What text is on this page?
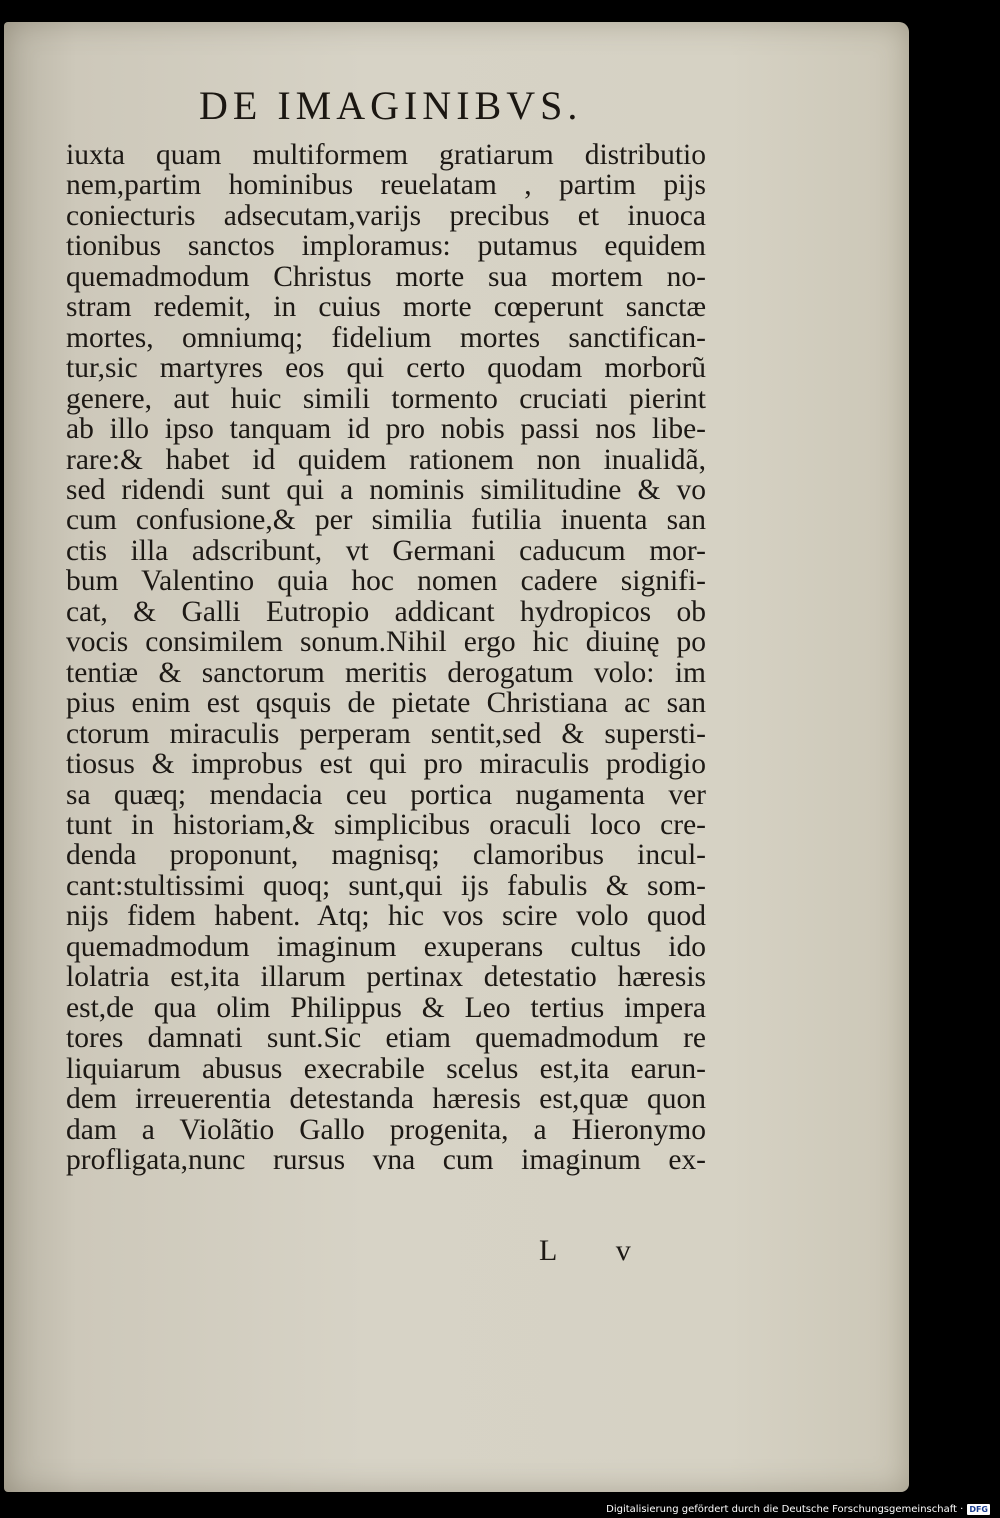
DE IMAGINIBVS.
iuxta quam multiformem gratiarum distributio
nem,partim hominibus reuelatam , partim pijs
coniecturis adsecutam,varijs precibus et inuoca
tionibus sanctos imploramus: putamus equidem
quemadmodum Christus morte sua mortem no-
stram redemit, in cuius morte cœperunt sanctæ
mortes, omniumq; fidelium mortes sanctifican-
tur,sic martyres eos qui certo quodam morborũ
genere, aut huic simili tormento cruciati pierint
ab illo ipso tanquam id pro nobis passi nos libe-
rare:& habet id quidem rationem non inualidã,
sed ridendi sunt qui a nominis similitudine & vo
cum confusione,& per similia futilia inuenta san
ctis illa adscribunt, vt Germani caducum mor-
bum Valentino quia hoc nomen cadere signifi-
cat, & Galli Eutropio addicant hydropicos ob
vocis consimilem sonum.Nihil ergo hic diuinę po
tentiæ & sanctorum meritis derogatum volo: im
pius enim est qsquis de pietate Christiana ac san
ctorum miraculis perperam sentit,sed & supersti-
tiosus & improbus est qui pro miraculis prodigio
sa quæq; mendacia ceu portica nugamenta ver
tunt in historiam,& simplicibus oraculi loco cre-
denda proponunt, magnisq; clamoribus incul-
cant:stultissimi quoq; sunt,qui ijs fabulis & som-
nijs fidem habent. Atq; hic vos scire volo quod
quemadmodum imaginum exuperans cultus ido
lolatria est,ita illarum pertinax detestatio hæresis
est,de qua olim Philippus & Leo tertius impera
tores damnati sunt.Sic etiam quemadmodum re
liquiarum abusus execrabile scelus est,ita earun-
dem irreuerentia detestanda hæresis est,quæ quon
dam a Violãtio Gallo progenita, a Hieronymo
profligata,nunc rursus vna cum imaginum ex-
L v
Digitalisierung gefördert durch die Deutsche Forschungsgemeinschaft · DFG
